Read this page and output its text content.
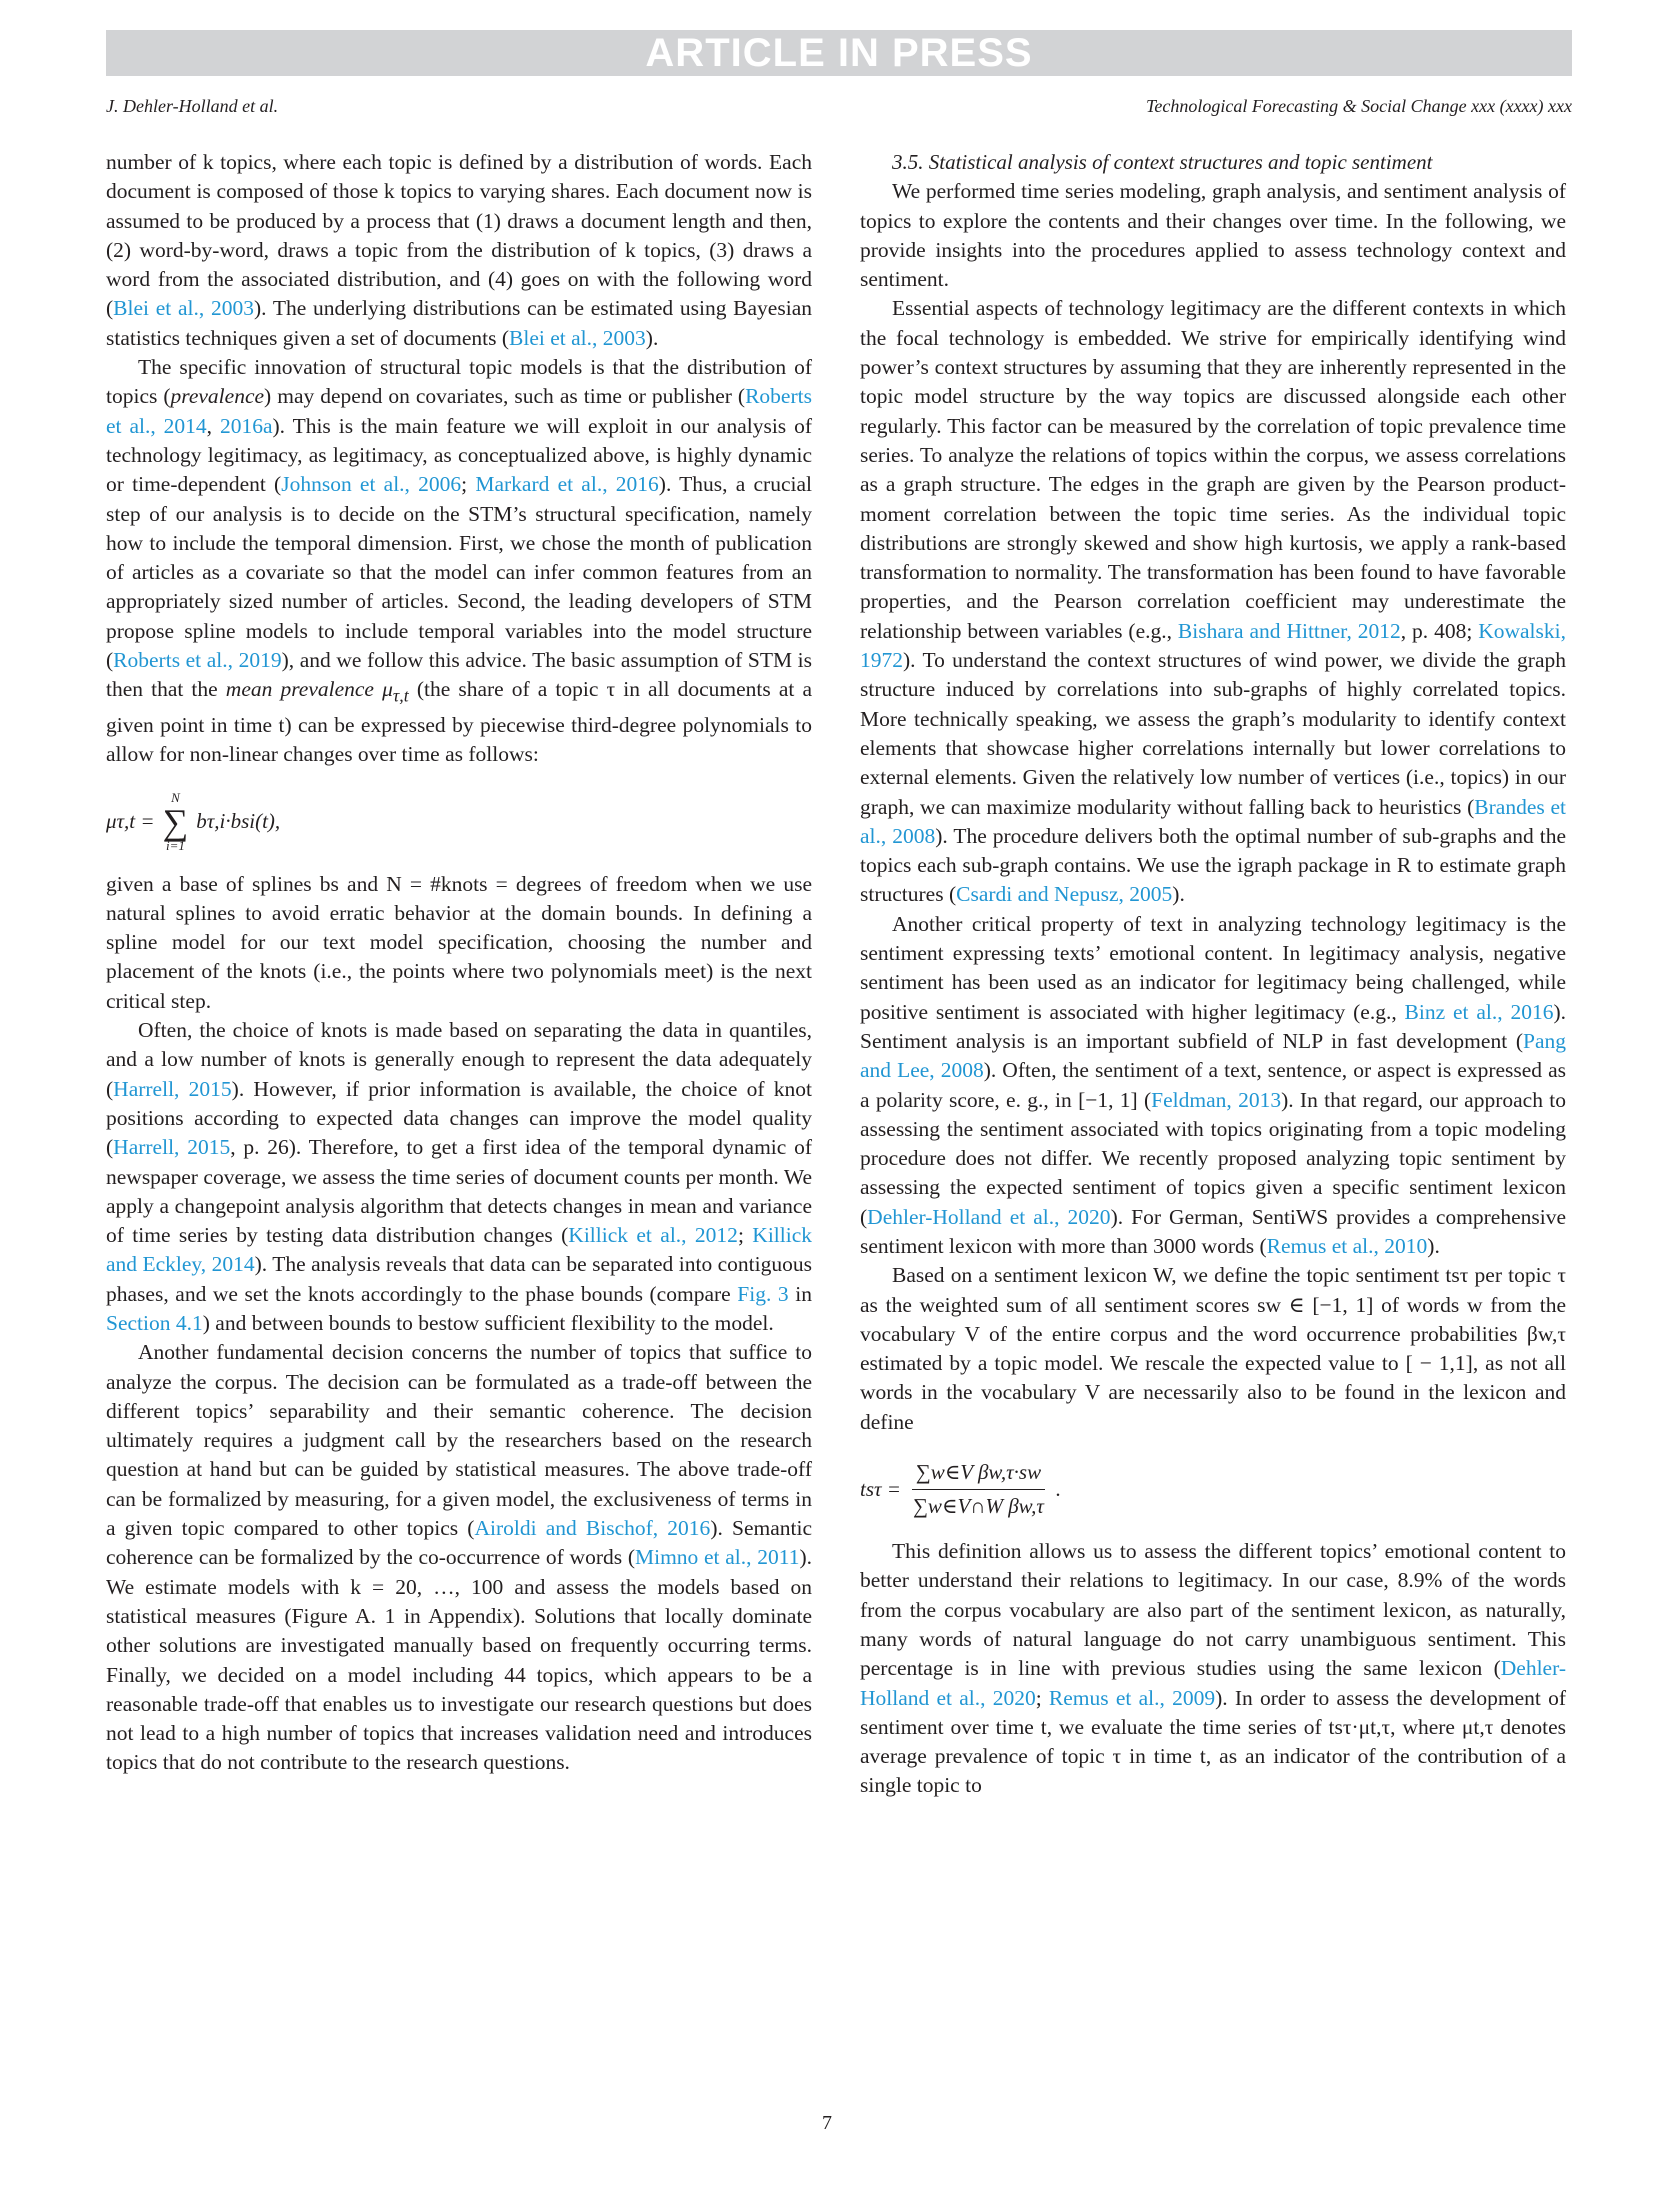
ARTICLE IN PRESS
J. Dehler-Holland et al.	Technological Forecasting & Social Change xxx (xxxx) xxx

number of k topics, where each topic is defined by a distribution of words. Each document is composed of those k topics to varying shares. Each document now is assumed to be produced by a process that (1) draws a document length and then, (2) word-by-word, draws a topic from the distribution of k topics, (3) draws a word from the associated distribution, and (4) goes on with the following word (Blei et al., 2003). The underlying distributions can be estimated using Bayesian statistics techniques given a set of documents (Blei et al., 2003).

The specific innovation of structural topic models is that the distribution of topics (prevalence) may depend on covariates, such as time or publisher (Roberts et al., 2014, 2016a). This is the main feature we will exploit in our analysis of technology legitimacy, as legitimacy, as conceptualized above, is highly dynamic or time-dependent (Johnson et al., 2006; Markard et al., 2016). Thus, a crucial step of our analysis is to decide on the STM’s structural specification, namely how to include the temporal dimension. First, we chose the month of publication of articles as a covariate so that the model can infer common features from an appropriately sized number of articles. Second, the leading developers of STM propose spline models to include temporal variables into the model structure (Roberts et al., 2019), and we follow this advice. The basic assumption of STM is then that the mean prevalence $\mu_{\tau,t}$ (the share of a topic τ in all documents at a given point in time t) can be expressed by piecewise third-degree polynomials to allow for non-linear changes over time as follows:

μτ,t =
N
∑
i=1
bτ,i·bsi(t),

given a base of splines bs and N = #knots = degrees of freedom when we use natural splines to avoid erratic behavior at the domain bounds. In defining a spline model for our text model specification, choosing the number and placement of the knots (i.e., the points where two polynomials meet) is the next critical step.

Often, the choice of knots is made based on separating the data in quantiles, and a low number of knots is generally enough to represent the data adequately (Harrell, 2015). However, if prior information is available, the choice of knot positions according to expected data changes can improve the model quality (Harrell, 2015, p. 26). Therefore, to get a first idea of the temporal dynamic of newspaper coverage, we assess the time series of document counts per month. We apply a changepoint analysis algorithm that detects changes in mean and variance of time series by testing data distribution changes (Killick et al., 2012; Killick and Eckley, 2014). The analysis reveals that data can be separated into contiguous phases, and we set the knots accordingly to the phase bounds (compare Fig. 3 in Section 4.1) and between bounds to bestow sufficient flexibility to the model.

Another fundamental decision concerns the number of topics that suffice to analyze the corpus. The decision can be formulated as a trade-off between the different topics’ separability and their semantic coherence. The decision ultimately requires a judgment call by the researchers based on the research question at hand but can be guided by statistical measures. The above trade-off can be formalized by measuring, for a given model, the exclusiveness of terms in a given topic compared to other topics (Airoldi and Bischof, 2016). Semantic coherence can be formalized by the co-occurrence of words (Mimno et al., 2011). We estimate models with k = 20, …, 100 and assess the models based on statistical measures (Figure A. 1 in Appendix). Solutions that locally dominate other solutions are investigated manually based on frequently occurring terms. Finally, we decided on a model including 44 topics, which appears to be a reasonable trade-off that enables us to investigate our research questions but does not lead to a high number of topics that increases validation need and introduces topics that do not contribute to the research questions.

3.5. Statistical analysis of context structures and topic sentiment

We performed time series modeling, graph analysis, and sentiment analysis of topics to explore the contents and their changes over time. In the following, we provide insights into the procedures applied to assess technology context and sentiment.

Essential aspects of technology legitimacy are the different contexts in which the focal technology is embedded. We strive for empirically identifying wind power’s context structures by assuming that they are inherently represented in the topic model structure by the way topics are discussed alongside each other regularly. This factor can be measured by the correlation of topic prevalence time series. To analyze the relations of topics within the corpus, we assess correlations as a graph structure. The edges in the graph are given by the Pearson product-moment correlation between the topic time series. As the individual topic distributions are strongly skewed and show high kurtosis, we apply a rank-based transformation to normality. The transformation has been found to have favorable properties, and the Pearson correlation coefficient may underestimate the relationship between variables (e.g., Bishara and Hittner, 2012, p. 408; Kowalski, 1972). To understand the context structures of wind power, we divide the graph structure induced by correlations into sub-graphs of highly correlated topics. More technically speaking, we assess the graph’s modularity to identify context elements that showcase higher correlations internally but lower correlations to external elements. Given the relatively low number of vertices (i.e., topics) in our graph, we can maximize modularity without falling back to heuristics (Brandes et al., 2008). The procedure delivers both the optimal number of sub-graphs and the topics each sub-graph contains. We use the igraph package in R to estimate graph structures (Csardi and Nepusz, 2005).

Another critical property of text in analyzing technology legitimacy is the sentiment expressing texts’ emotional content. In legitimacy analysis, negative sentiment has been used as an indicator for legitimacy being challenged, while positive sentiment is associated with higher legitimacy (e.g., Binz et al., 2016). Sentiment analysis is an important subfield of NLP in fast development (Pang and Lee, 2008). Often, the sentiment of a text, sentence, or aspect is expressed as a polarity score, e. g., in [−1, 1] (Feldman, 2013). In that regard, our approach to assessing the sentiment associated with topics originating from a topic modeling procedure does not differ. We recently proposed analyzing topic sentiment by assessing the expected sentiment of topics given a specific sentiment lexicon (Dehler-Holland et al., 2020). For German, SentiWS provides a comprehensive sentiment lexicon with more than 3000 words (Remus et al., 2010).

Based on a sentiment lexicon W, we define the topic sentiment tsτ per topic τ as the weighted sum of all sentiment scores sw ∈ [−1, 1] of words w from the vocabulary V of the entire corpus and the word occurrence probabilities βw,τ estimated by a topic model. We rescale the expected value to [ − 1,1], as not all words in the vocabulary V are necessarily also to be found in the lexicon and define

$ts\tau = \frac{\text{∑w∈V βw,τ·sw}}{\text{∑w∈V∩W βw,τ}}$ .

This definition allows us to assess the different topics’ emotional content to better understand their relations to legitimacy. In our case, 8.9% of the words from the corpus vocabulary are also part of the sentiment lexicon, as naturally, many words of natural language do not carry unambiguous sentiment. This percentage is in line with previous studies using the same lexicon (Dehler-Holland et al., 2020; Remus et al., 2009). In order to assess the development of sentiment over time t, we evaluate the time series of tsτ·μt,τ, where μt,τ denotes average prevalence of topic τ in time t, as an indicator of the contribution of a single topic to

7
